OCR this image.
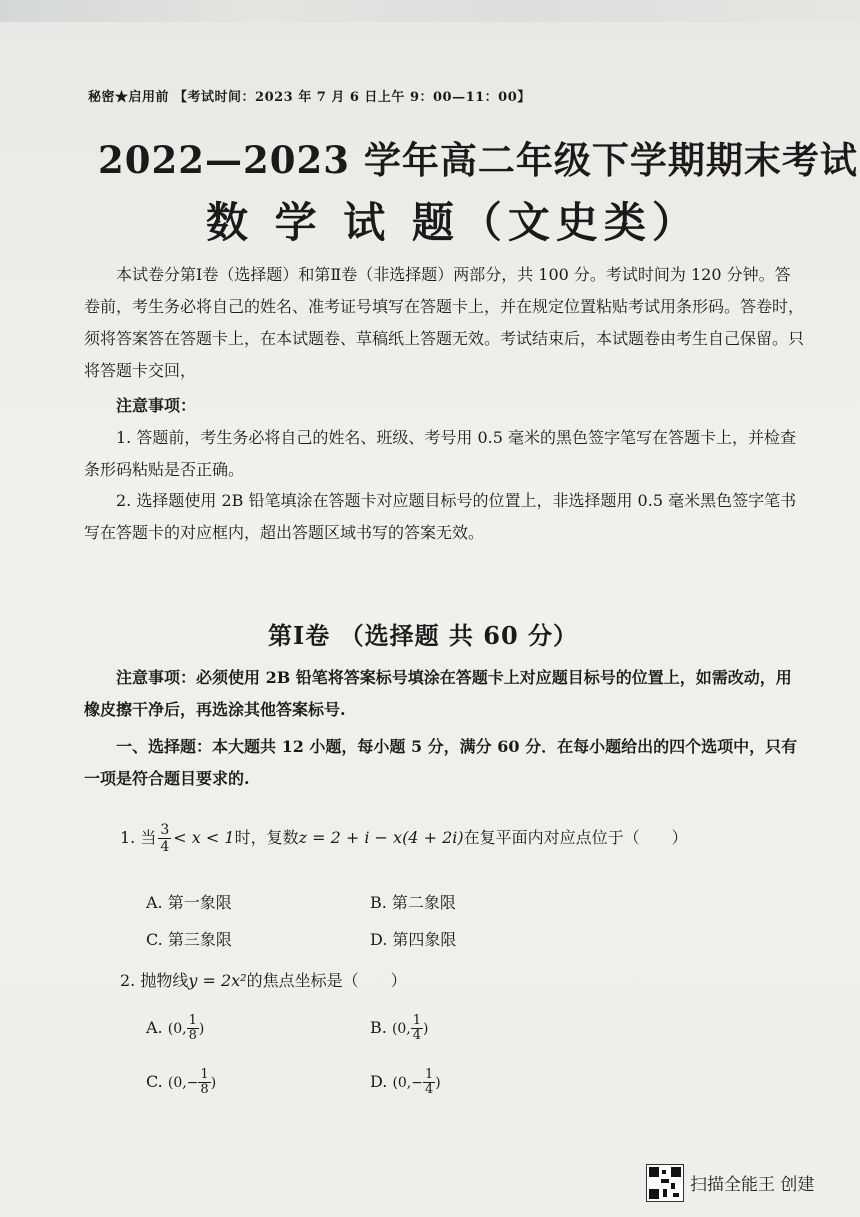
秘密★启用前 【考试时间：2023 年 7 月 6 日上午 9：00—11：00】
2022—2023 学年高二年级下学期期末考试
数 学 试 题（文史类）
本试卷分第Ⅰ卷（选择题）和第Ⅱ卷（非选择题）两部分，共 100 分。考试时间为 120 分钟。答卷前，考生务必将自己的姓名、准考证号填写在答题卡上，并在规定位置粘贴考试用条形码。答卷时，须将答案答在答题卡上，在本试题卷、草稿纸上答题无效。考试结束后，本试题卷由考生自己保留。只将答题卡交回，
注意事项：
1. 答题前，考生务必将自己的姓名、班级、考号用 0.5 毫米的黑色签字笔写在答题卡上，并检查条形码粘贴是否正确。
2. 选择题使用 2B 铅笔填涂在答题卡对应题目标号的位置上，非选择题用 0.5 毫米黑色签字笔书写在答题卡的对应框内，超出答题区域书写的答案无效。
第Ⅰ卷 （选择题 共 60 分）
注意事项：必须使用 2B 铅笔将答案标号填涂在答题卡上对应题目标号的位置上，如需改动，用橡皮擦干净后，再选涂其他答案标号.
一、选择题：本大题共 12 小题，每小题 5 分，满分 60 分．在每小题给出的四个选项中，只有一项是符合题目要求的.
1. 当 $\frac{3}{4} < x < 1$时，复数z = 2 + i − x(4 + 2i)在复平面内对应点位于（　　）
A. 第一象限	B. 第二象限
C. 第三象限	D. 第四象限
2. 抛物线y = 2x²的焦点坐标是（　　）
A. (0, $\frac{1}{8}$ )	B. (0, $\frac{1}{4}$ )
C. ($0,- \frac{1}{8}$ )	D. ($0,- \frac{1}{4}$ )
扫描全能王 创建
